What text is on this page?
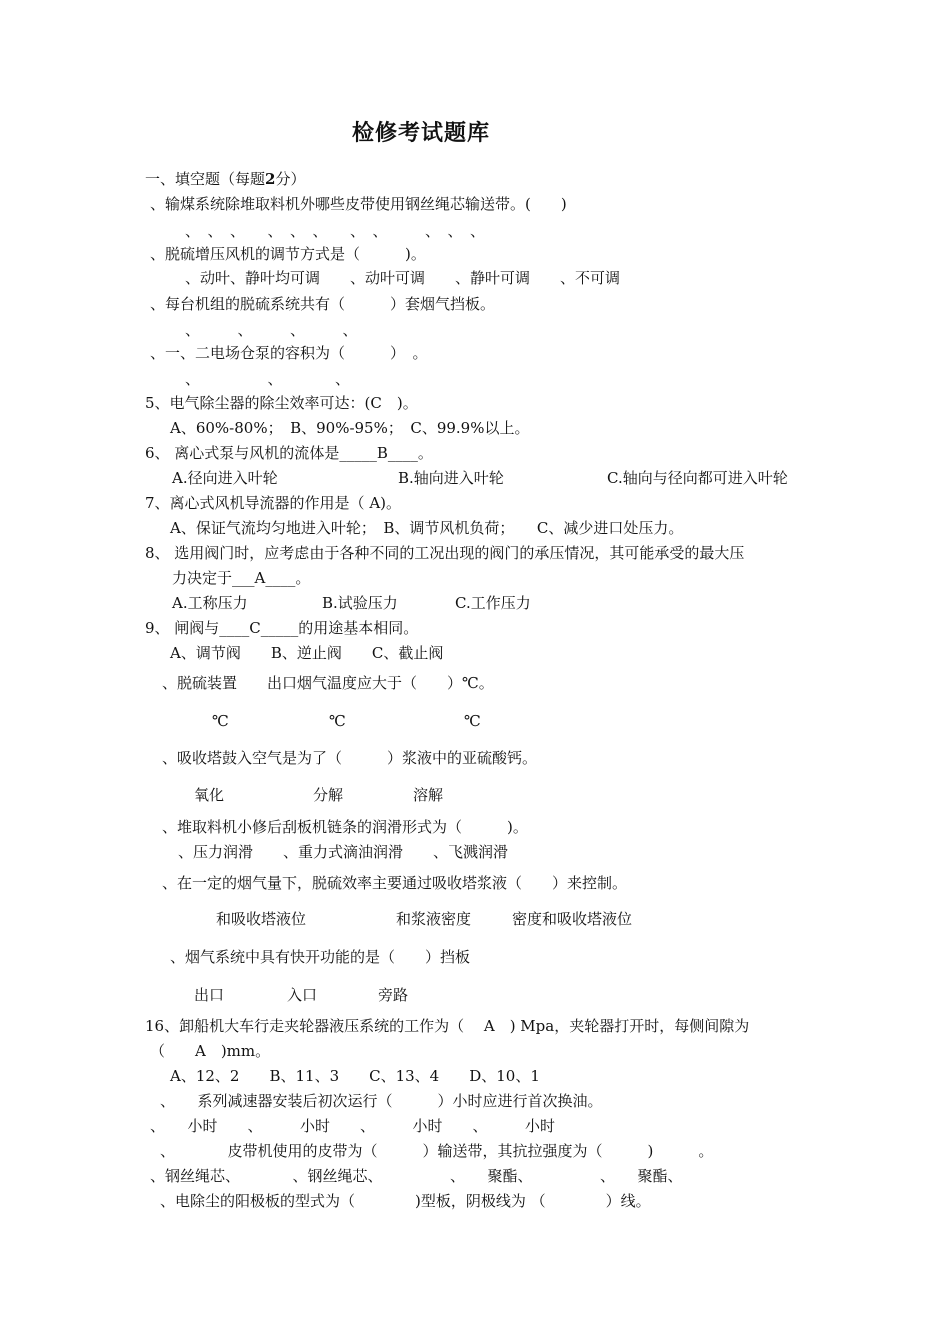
检修考试题库
一、填空题（每题2分）
、输煤系统除堆取料机外哪些皮带使用钢丝绳芯输送带。(　　)
、　、　、　　、　、　、　　、　、　　　、　、　、
、脱硫增压风机的调节方式是（　　　)。
、动叶、静叶均可调　　、动叶可调　　、静叶可调　　、不可调
、每台机组的脱硫系统共有（　　　）套烟气挡板。
、　　　、　　　、　　　、
、一、二电场仓泵的容积为（　　　）　。
、　　　　　、　　　　、
5、电气除尘器的除尘效率可达：(C　)。
A、60%-80%；　B、90%-95%；　C、99.9%以上。
6、 离心式泵与风机的流体是_____B____。
A.径向进入叶轮	B.轴向进入叶轮	C.轴向与径向都可进入叶轮
7、离心式风机导流器的作用是（ A)。
A、保证气流均匀地进入叶轮；　B、调节风机负荷；　　C、减少进口处压力。
8、 选用阀门时，应考虑由于各种不同的工况出现的阀门的承压情况，其可能承受的最大压
力决定于___A____。
A.工称压力	B.试验压力	C.工作压力
9、 闸阀与____C_____的用途基本相同。
A、调节阀　　B、逆止阀　　C、截止阀
、脱硫装置　　出口烟气温度应大于（　　）℃。
℃	℃	℃
、吸收塔鼓入空气是为了（　　　）浆液中的亚硫酸钙。
氧化	分解	溶解
、堆取料机小修后刮板机链条的润滑形式为（　　　)。
、压力润滑　　、重力式滴油润滑　　、飞溅润滑
、在一定的烟气量下，脱硫效率主要通过吸收塔浆液（　　）来控制。
和吸收塔液位	和浆液密度	密度和吸收塔液位
、烟气系统中具有快开功能的是（　　）挡板
出口	入口	旁路
16、卸船机大车行走夹轮器液压系统的工作为（　 A　) Mpa，夹轮器打开时，每侧间隙为
（　　A　)mm。
A、12、2　　B、11、3　　C、13、4　　D、10、1
、　　系列减速器安装后初次运行（　　　）小时应进行首次换油。
、　　小时　　、　　　小时　　、　　　小时　　、　　　小时
、　　　　皮带机使用的皮带为（　　　）输送带，其抗拉强度为（　　　)　　　。
、钢丝绳芯、　　　　、钢丝绳芯、　　　　　、　　聚酯、　　　　　、　　聚酯、
、电除尘的阳极板的型式为（　　　　)型板，阴极线为 （　　　　）线。
